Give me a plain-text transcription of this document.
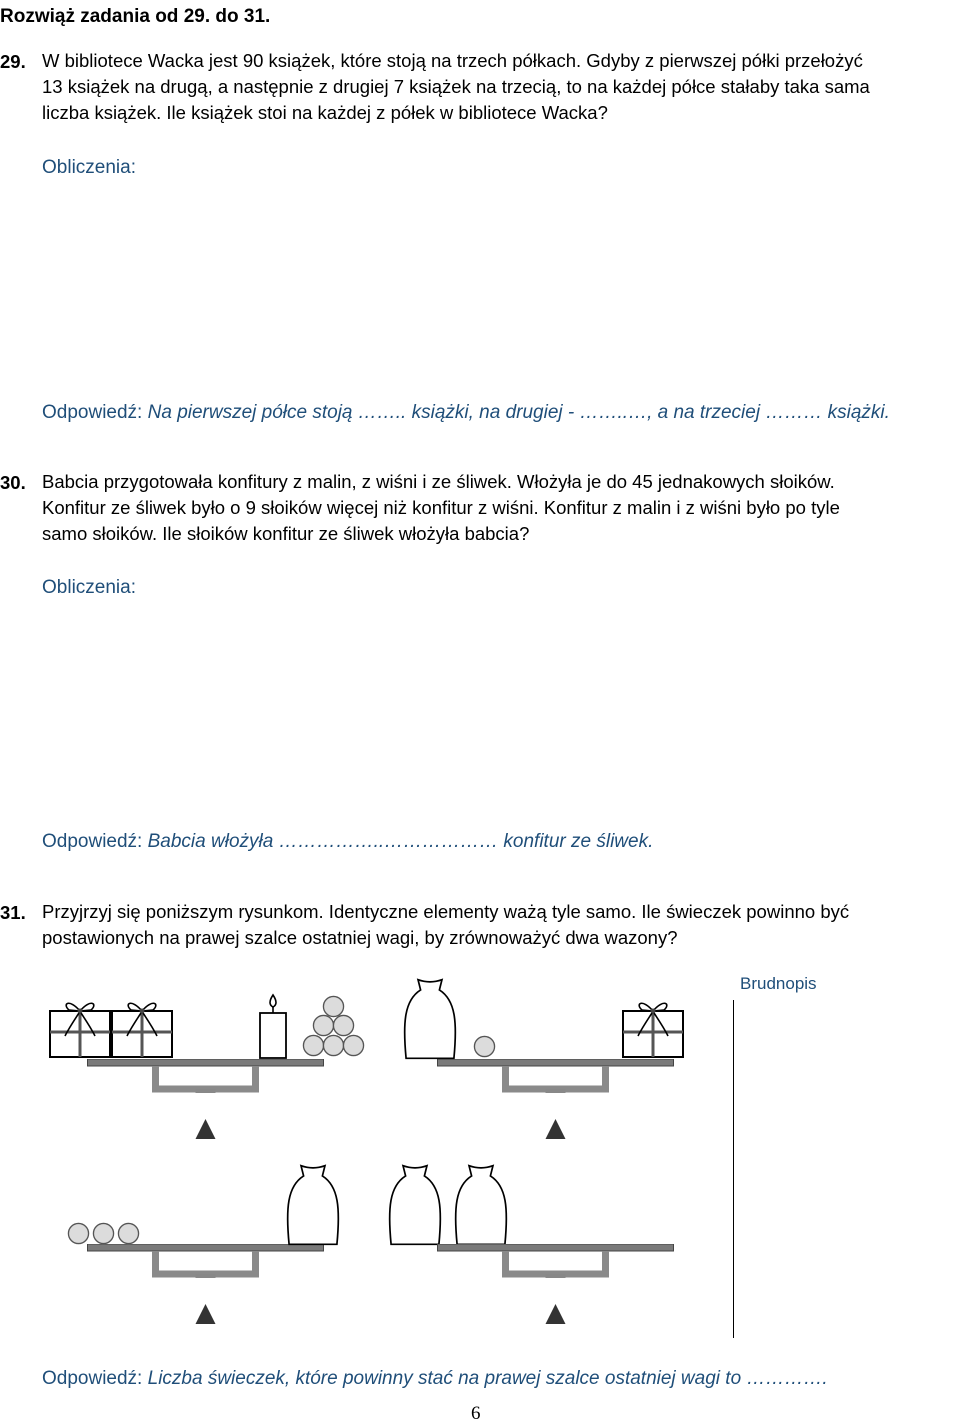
Rozwiąż zadania od 29. do 31.
29. W bibliotece Wacka jest 90 książek, które stoją na trzech półkach. Gdyby z pierwszej półki przełożyć
13 książek na drugą, a następnie z drugiej 7 książek na trzecią, to na każdej półce stałaby taka sama
liczba książek. Ile książek stoi na każdej z półek w bibliotece Wacka?
Obliczenia:
Odpowiedź: Na pierwszej półce stoją …….. książki, na drugiej - ……..…, a na trzeciej ……… książki.
30. Babcia przygotowała konfitury z malin, z wiśni i ze śliwek. Włożyła je do 45 jednakowych słoików.
Konfitur ze śliwek było o 9 słoików więcej niż konfitur z wiśni. Konfitur z malin i z wiśni było po tyle
samo słoików. Ile słoików konfitur ze śliwek włożyła babcia?
Obliczenia:
Odpowiedź: Babcia włożyła ……………..……………… konfitur ze śliwek.
31. Przyjrzyj się poniższym rysunkom. Identyczne elementy ważą tyle samo. Ile świeczek powinno być
postawionych na prawej szalce ostatniej wagi, by zrównoważyć dwa wazony?
Brudnopis
Odpowiedź: Liczba świeczek, które powinny stać na prawej szalce ostatniej wagi to ………….
6
